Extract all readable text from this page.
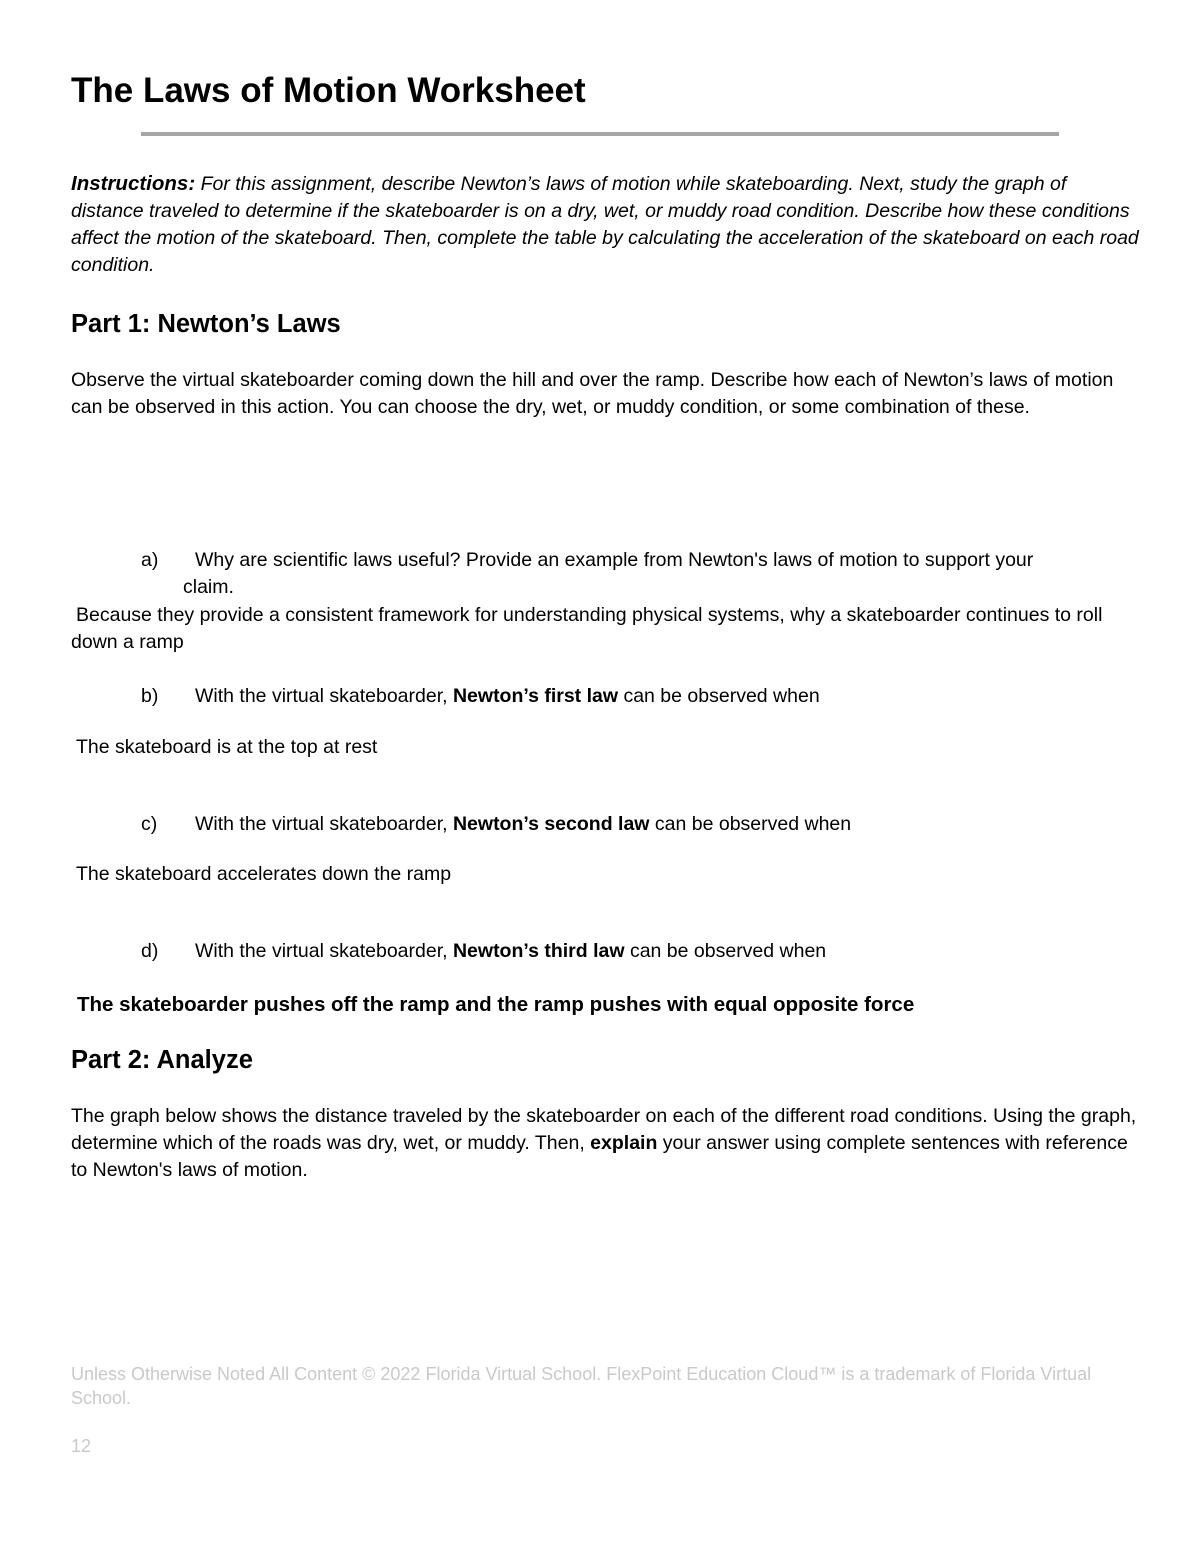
The Laws of Motion Worksheet

Instructions: For this assignment, describe Newton’s laws of motion while skateboarding. Next, study the graph of distance traveled to determine if the skateboarder is on a dry, wet, or muddy road condition. Describe how these conditions affect the motion of the skateboard. Then, complete the table by calculating the acceleration of the skateboard on each road condition.

Part 1: Newton’s Laws

Observe the virtual skateboarder coming down the hill and over the ramp. Describe how each of Newton’s laws of motion can be observed in this action. You can choose the dry, wet, or muddy condition, or some combination of these.

a) Why are scientific laws useful? Provide an example from Newton's laws of motion to support your
claim.

Because they provide a consistent framework for understanding physical systems, why a skateboarder continues to roll down a ramp

b) With the virtual skateboarder, Newton’s first law can be observed when

The skateboard is at the top at rest

c) With the virtual skateboarder, Newton’s second law can be observed when

The skateboard accelerates down the ramp

d) With the virtual skateboarder, Newton’s third law can be observed when

The skateboarder pushes off the ramp and the ramp pushes with equal opposite force

Part 2: Analyze

The graph below shows the distance traveled by the skateboarder on each of the different road conditions. Using the graph, determine which of the roads was dry, wet, or muddy. Then, explain your answer using complete sentences with reference to Newton's laws of motion.

Unless Otherwise Noted All Content © 2022 Florida Virtual School. FlexPoint Education Cloud™ is a trademark of Florida Virtual School.

12
